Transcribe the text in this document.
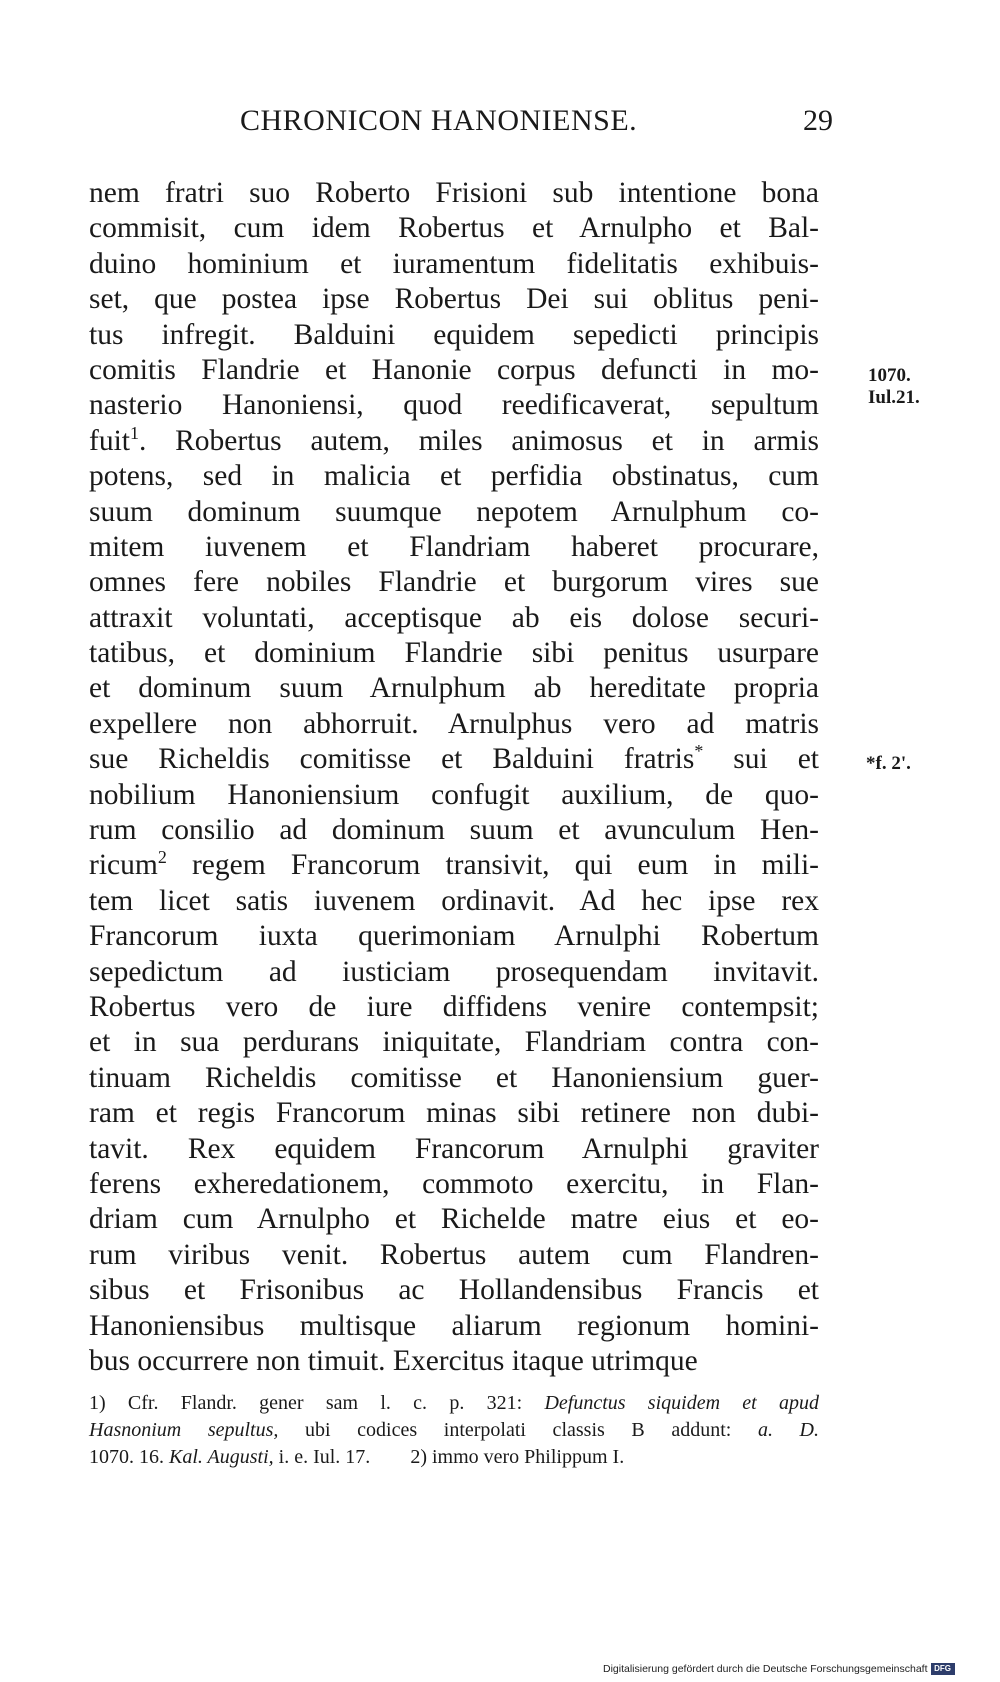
CHRONICON HANONIENSE.	29
nem fratri suo Roberto Frisioni sub intentione bona
commisit, cum idem Robertus et Arnulpho et Bal-
duino hominium et iuramentum fidelitatis exhibuis-
set, que postea ipse Robertus Dei sui oblitus peni-
tus infregit. Balduini equidem sepedicti principis
comitis Flandrie et Hanonie corpus defuncti in mo-
nasterio Hanoniensi, quod reedificaverat, sepultum
fuit$^1$. Robertus autem, miles animosus et in armis
potens, sed in malicia et perfidia obstinatus, cum
suum dominum suumque nepotem Arnulphum co-
mitem iuvenem et Flandriam haberet procurare,
omnes fere nobiles Flandrie et burgorum vires sue
attraxit voluntati, acceptisque ab eis dolose securi-
tatibus, et dominium Flandrie sibi penitus usurpare
et dominum suum Arnulphum ab hereditate propria
expellere non abhorruit. Arnulphus vero ad matris
sue Richeldis comitisse et Balduini fratris* sui et
nobilium Hanoniensium confugit auxilium, de quo-
rum consilio ad dominum suum et avunculum Hen-
ricum$^2$ regem Francorum transivit, qui eum in mili-
tem licet satis iuvenem ordinavit. Ad hec ipse rex
Francorum iuxta querimoniam Arnulphi Robertum
sepedictum ad iusticiam prosequendam invitavit.
Robertus vero de iure diffidens venire contempsit;
et in sua perdurans iniquitate, Flandriam contra con-
tinuam Richeldis comitisse et Hanoniensium guer-
ram et regis Francorum minas sibi retinere non dubi-
tavit. Rex equidem Francorum Arnulphi graviter
ferens exheredationem, commoto exercitu, in Flan-
driam cum Arnulpho et Richelde matre eius et eo-
rum viribus venit. Robertus autem cum Flandren-
sibus et Frisonibus ac Hollandensibus Francis et
Hanoniensibus multisque aliarum regionum homini-
bus occurrere non timuit. Exercitus itaque utrimque
1070.
Iul.21.
*f. 2'.
1) Cfr. Flandr. gener sam l. c. p. 321: Defunctus siquidem et apud
Hasnonium sepultus, ubi codices interpolati classis B addunt: a. D.
1070. 16. Kal. Augusti, i. e. Iul. 17. 2) immo vero Philippum I.
Digitalisierung gefördert durch die Deutsche Forschungsgemeinschaft DFG
